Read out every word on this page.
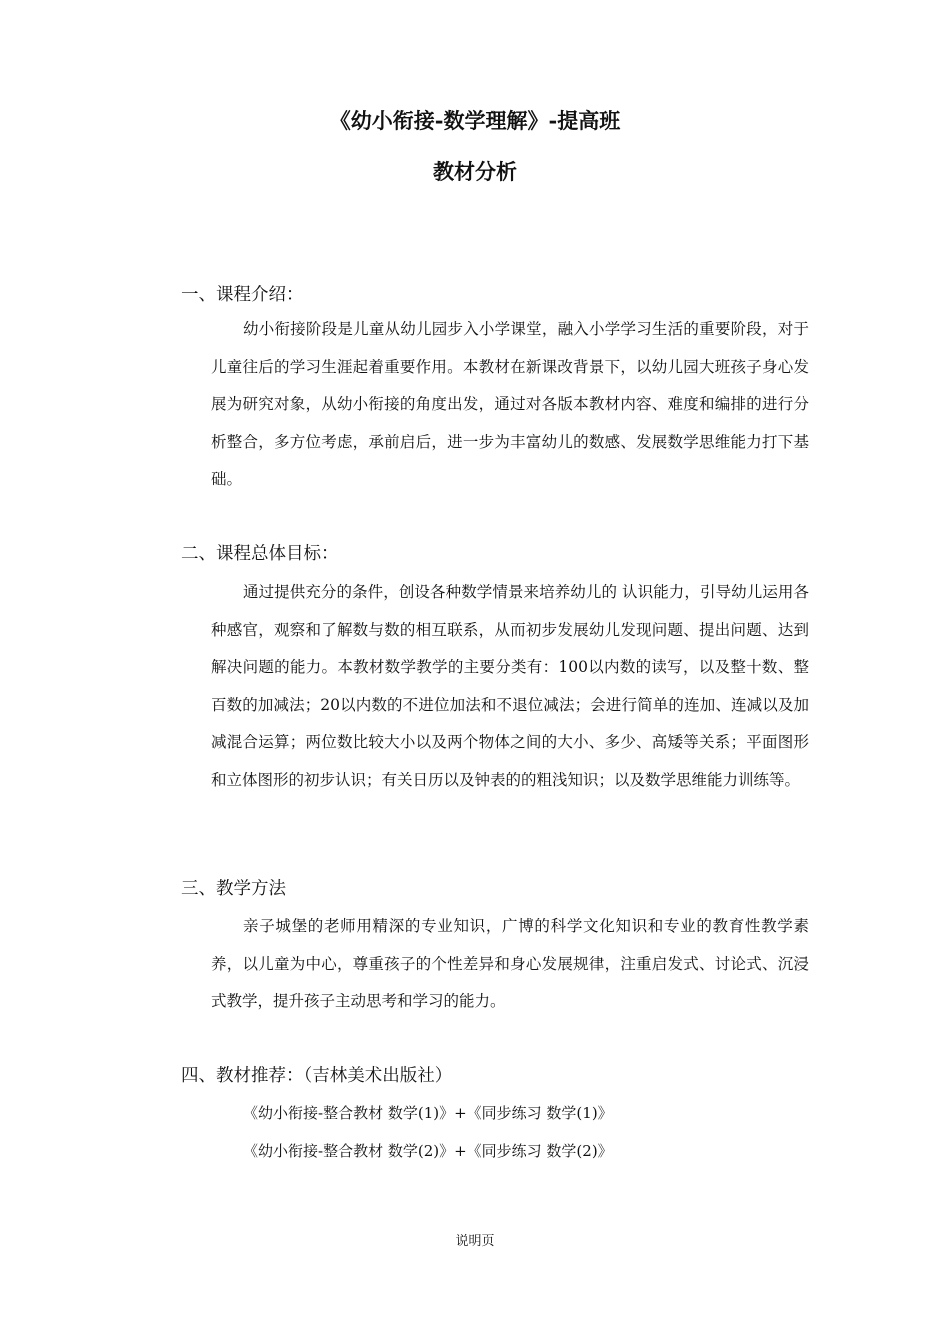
《幼小衔接-数学理解》-提高班
教材分析
一、课程介绍：

幼小衔接阶段是儿童从幼儿园步入小学课堂，融入小学学习生活的重要阶段，对于儿童往后的学习生涯起着重要作用。本教材在新课改背景下，以幼儿园大班孩子身心发展为研究对象，从幼小衔接的角度出发，通过对各版本教材内容、难度和编排的进行分析整合，多方位考虑，承前启后，进一步为丰富幼儿的数感、发展数学思维能力打下基础。

二、课程总体目标：

通过提供充分的条件，创设各种数学情景来培养幼儿的 认识能力，引导幼儿运用各种感官，观察和了解数与数的相互联系，从而初步发展幼儿发现问题、提出问题、达到解决问题的能力。本教材数学教学的主要分类有：100以内数的读写，以及整十数、整百数的加减法；20以内数的不进位加法和不退位减法；会进行简单的连加、连减以及加减混合运算；两位数比较大小以及两个物体之间的大小、多少、高矮等关系；平面图形和立体图形的初步认识；有关日历以及钟表的的粗浅知识；以及数学思维能力训练等。

三、教学方法

亲子城堡的老师用精深的专业知识，广博的科学文化知识和专业的教育性教学素养，以儿童为中心，尊重孩子的个性差异和身心发展规律，注重启发式、讨论式、沉浸式教学，提升孩子主动思考和学习的能力。

四、教材推荐：（吉林美术出版社）

《幼小衔接-整合教材 数学(1)》+《同步练习 数学(1)》

《幼小衔接-整合教材 数学(2)》+《同步练习 数学(2)》

说明页
